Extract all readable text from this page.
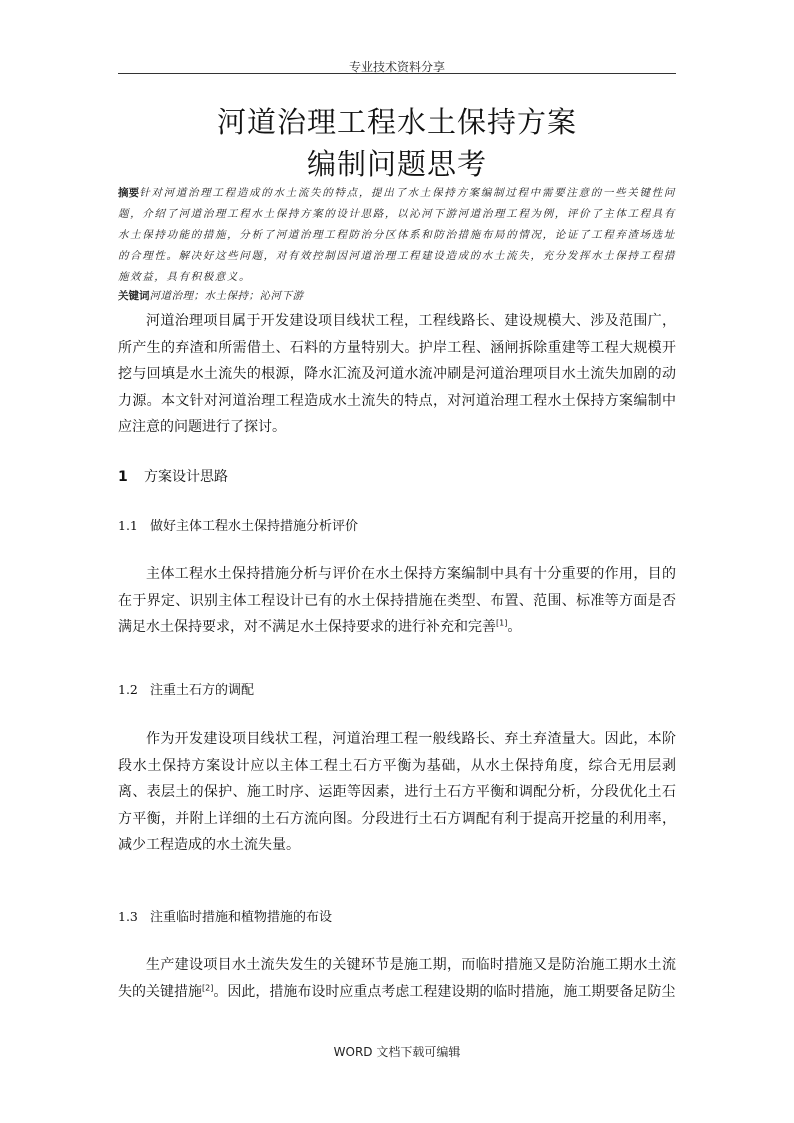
专业技术资料分享
河道治理工程水土保持方案
编制问题思考
摘要针对河道治理工程造成的水土流失的特点，提出了水土保持方案编制过程中需要注意的一些关键性问题，介绍了河道治理工程水土保持方案的设计思路，以沁河下游河道治理工程为例，评价了主体工程具有水土保持功能的措施，分析了河道治理工程防治分区体系和防治措施布局的情况，论证了工程弃渣场选址的合理性。解决好这些问题，对有效控制因河道治理工程建设造成的水土流失，充分发挥水土保持工程措施效益，具有积极意义。
关键词河道治理；水土保持；沁河下游
河道治理项目属于开发建设项目线状工程，工程线路长、建设规模大、涉及范围广，所产生的弃渣和所需借土、石料的方量特别大。护岸工程、涵闸拆除重建等工程大规模开挖与回填是水土流失的根源，降水汇流及河道水流冲刷是河道治理项目水土流失加剧的动力源。本文针对河道治理工程造成水土流失的特点，对河道治理工程水土保持方案编制中应注意的问题进行了探讨。
1 方案设计思路
1.1 做好主体工程水土保持措施分析评价
主体工程水土保持措施分析与评价在水土保持方案编制中具有十分重要的作用，目的在于界定、识别主体工程设计已有的水土保持措施在类型、布置、范围、标准等方面是否满足水土保持要求，对不满足水土保持要求的进行补充和完善[1]。
1.2 注重土石方的调配
作为开发建设项目线状工程，河道治理工程一般线路长、弃土弃渣量大。因此，本阶段水土保持方案设计应以主体工程土石方平衡为基础，从水土保持角度，综合无用层剥离、表层土的保护、施工时序、运距等因素，进行土石方平衡和调配分析，分段优化土石方平衡，并附上详细的土石方流向图。分段进行土石方调配有利于提高开挖量的利用率，减少工程造成的水土流失量。
1.3 注重临时措施和植物措施的布设
生产建设项目水土流失发生的关键环节是施工期，而临时措施又是防治施工期水土流失的关键措施[2]。因此，措施布设时应重点考虑工程建设期的临时措施，施工期要备足防尘
WORD 文档下载可编辑
